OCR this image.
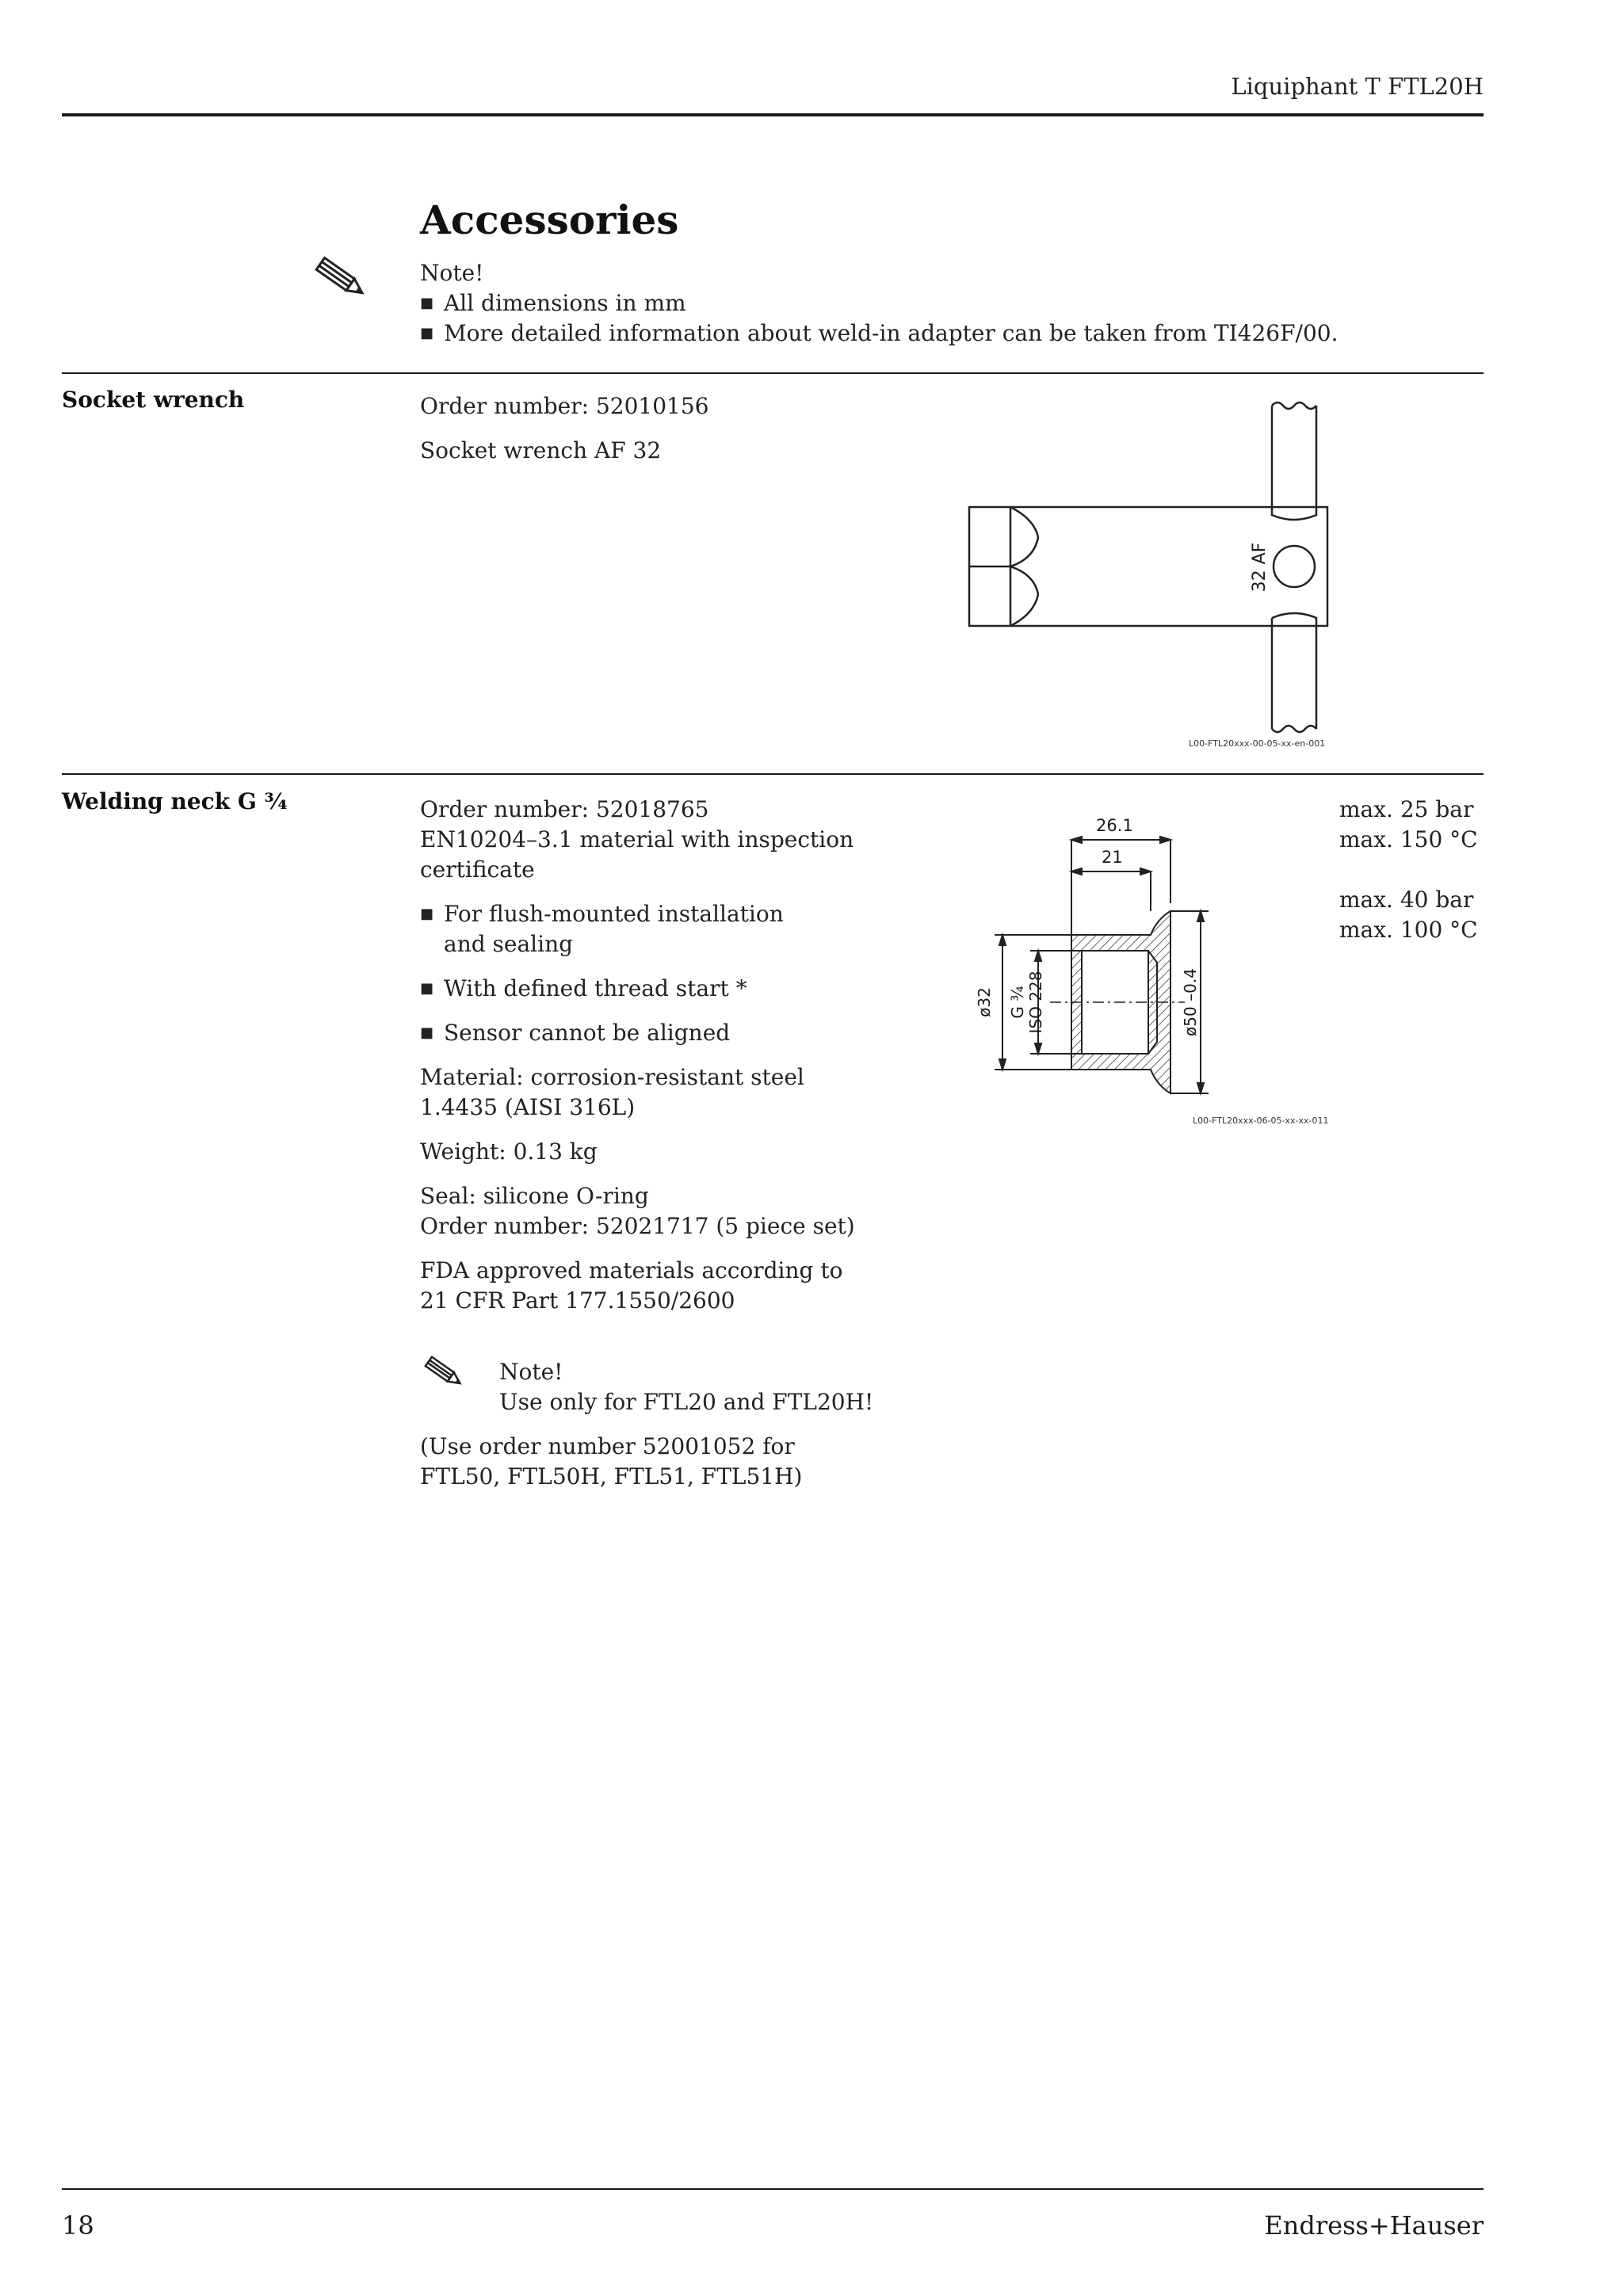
Liquiphant T FTL20H
Accessories
Note!
■ All dimensions in mm
■ More detailed information about weld-in adapter can be taken from TI426F/00.
Socket wrench	Order number: 52010156
Socket wrench AF 32
32 AF
L00-FTL20xxx-00-05-xx-en-001
Welding neck G ¾	Order number: 52018765
EN10204–3.1 material with inspection
certificate
■ For flush-mounted installation
and sealing
■ With defined thread start *
■ Sensor cannot be aligned
Material: corrosion-resistant steel
1.4435 (AISI 316L)
Weight: 0.13 kg
Seal: silicone O-ring
Order number: 52021717 (5 piece set)
FDA approved materials according to
21 CFR Part 177.1550/2600
Note!
Use only for FTL20 and FTL20H!
(Use order number 52001052 for
FTL50, FTL50H, FTL51, FTL51H)
max. 25 bar
max. 150 °C
max. 40 bar
max. 100 °C
26.1
21
ø32 G ¾ ISO 228	ø50 –0.4
L00-FTL20xxx-06-05-xx-xx-011
18	Endress+Hauser
